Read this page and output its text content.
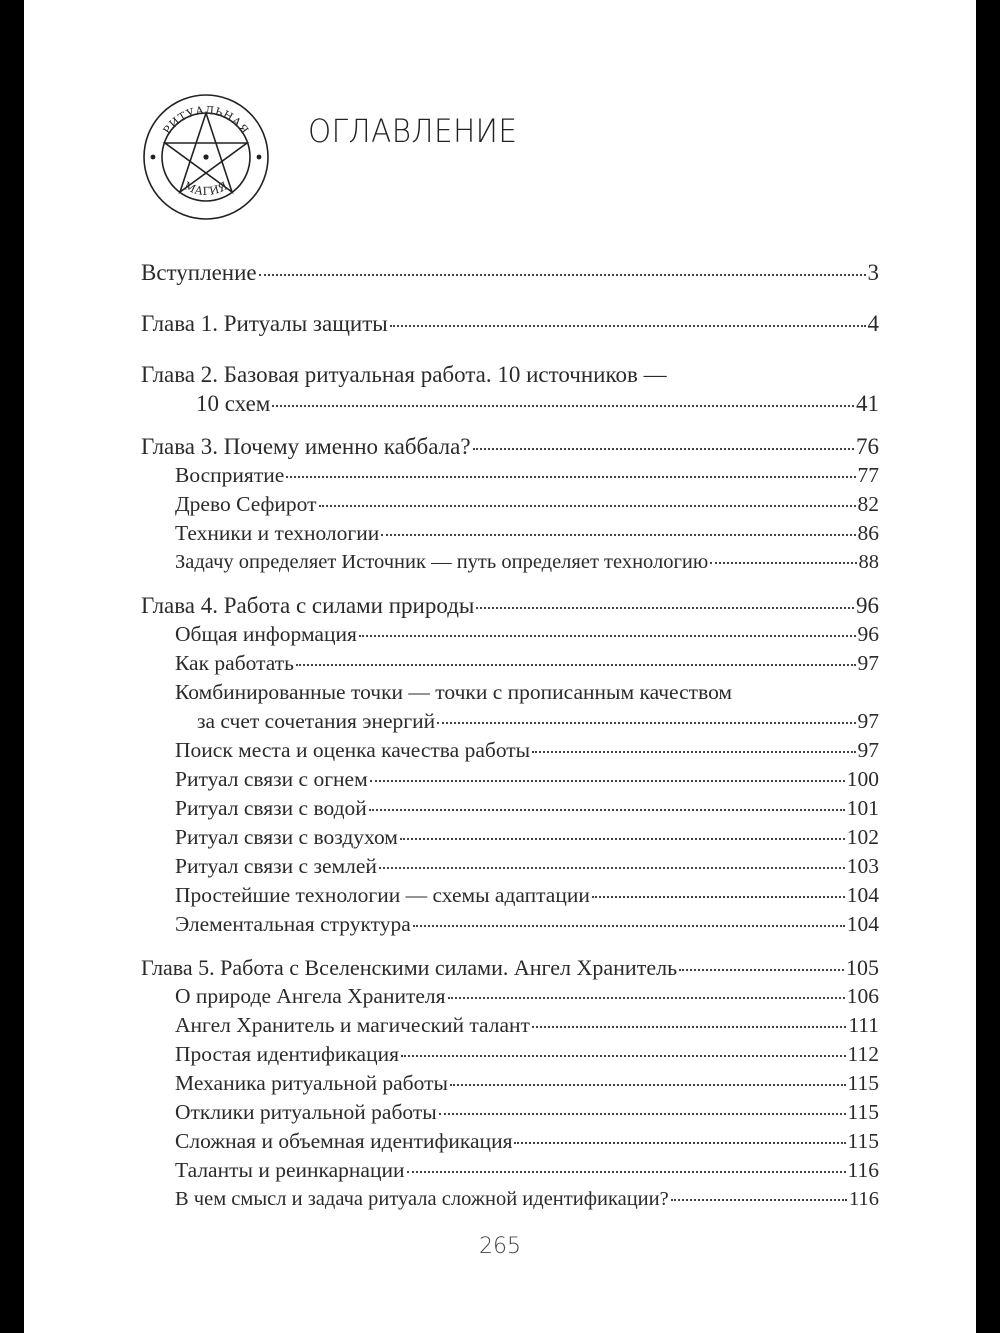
РИТУАЛЬНАЯ
МАГИЯ
ОГЛАВЛЕНИЕ
Вступление	3
Глава 1. Ритуалы защиты	4
Глава 2. Базовая ритуальная работа. 10 источников —
10 схем	41
Глава 3. Почему именно каббала?	76
Восприятие	77
Древо Сефирот	82
Техники и технологии	86
Задачу определяет Источник — путь определяет технологию	88
Глава 4. Работа с силами природы	96
Общая информация	96
Как работать	97
Комбинированные точки — точки с прописанным качеством
за счет сочетания энергий	97
Поиск места и оценка качества работы	97
Ритуал связи с огнем	100
Ритуал связи с водой	101
Ритуал связи с воздухом	102
Ритуал связи с землей	103
Простейшие технологии — схемы адаптации	104
Элементальная структура	104
Глава 5. Работа с Вселенскими силами. Ангел Хранитель	105
О природе Ангела Хранителя	106
Ангел Хранитель и магический талант	111
Простая идентификация	112
Механика ритуальной работы	115
Отклики ритуальной работы	115
Сложная и объемная идентификация	115
Таланты и реинкарнации	116
В чем смысл и задача ритуала сложной идентификации?	116
265
